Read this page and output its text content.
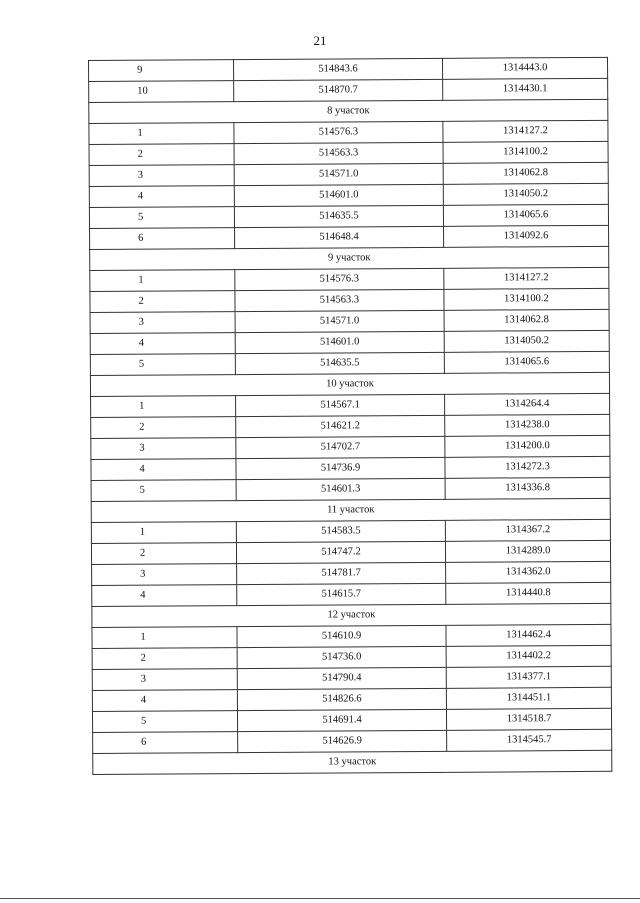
21
9	514843.6	1314443.0
10	514870.7	1314430.1
8 участок		
1	514576.3	1314127.2
2	514563.3	1314100.2
3	514571.0	1314062.8
4	514601.0	1314050.2
5	514635.5	1314065.6
6	514648.4	1314092.6
9 участок		
1	514576.3	1314127.2
2	514563.3	1314100.2
3	514571.0	1314062.8
4	514601.0	1314050.2
5	514635.5	1314065.6
10 участок		
1	514567.1	1314264.4
2	514621.2	1314238.0
3	514702.7	1314200.0
4	514736.9	1314272.3
5	514601.3	1314336.8
11 участок		
1	514583.5	1314367.2
2	514747.2	1314289.0
3	514781.7	1314362.0
4	514615.7	1314440.8
12 участок		
1	514610.9	1314462.4
2	514736.0	1314402.2
3	514790.4	1314377.1
4	514826.6	1314451.1
5	514691.4	1314518.7
6	514626.9	1314545.7
13 участок		
